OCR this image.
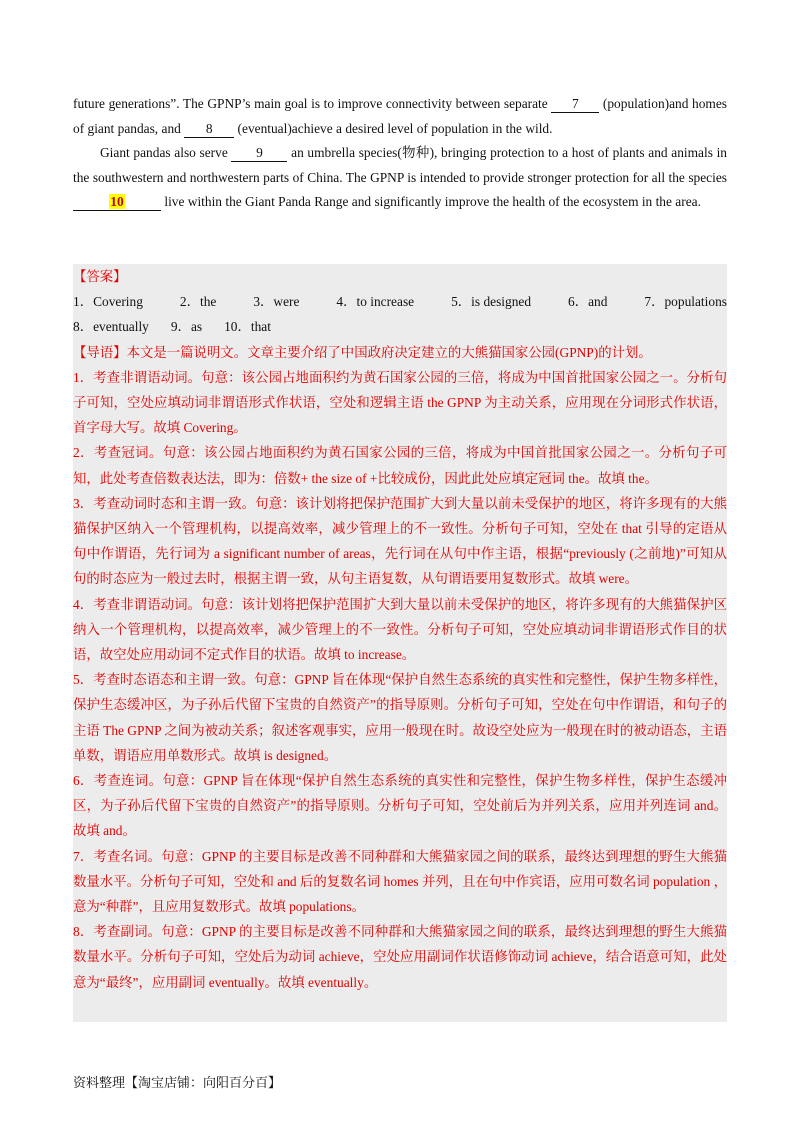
future generations”. The GPNP’s main goal is to improve connectivity between separate 7 (population)and homes of giant pandas, and 8 (eventual)achieve a desired level of population in the wild.

Giant pandas also serve 9 an umbrella species(物种), bringing protection to a host of plants and animals in the southwestern and northwestern parts of China. The GPNP is intended to provide stronger protection for all the species 10	live within the Giant Panda Range and significantly improve the health of the ecosystem in the area.

【答案】

1．Covering	2．the	3．were	4．to increase	5．is designed	6．and	7．populations
8．eventually 9．as 10．that

【导语】本文是一篇说明文。文章主要介绍了中国政府决定建立的大熊猫国家公园(GPNP)的计划。

1．考查非谓语动词。句意：该公园占地面积约为黄石国家公园的三倍，将成为中国首批国家公园之一。分析句子可知，空处应填动词非谓语形式作状语，空处和逻辑主语 the GPNP 为主动关系，应用现在分词形式作状语，首字母大写。故填 Covering。

2．考查冠词。句意：该公园占地面积约为黄石国家公园的三倍，将成为中国首批国家公园之一。分析句子可知，此处考查倍数表达法，即为：倍数+ the size of +比较成份，因此此处应填定冠词 the。故填 the。

3．考查动词时态和主谓一致。句意：该计划将把保护范围扩大到大量以前未受保护的地区，将许多现有的大熊猫保护区纳入一个管理机构，以提高效率，减少管理上的不一致性。分析句子可知，空处在 that 引导的定语从句中作谓语，先行词为 a significant number of areas，先行词在从句中作主语，根据“previously (之前地)”可知从句的时态应为一般过去时，根据主谓一致，从句主语复数，从句谓语要用复数形式。故填 were。

4．考查非谓语动词。句意：该计划将把保护范围扩大到大量以前未受保护的地区，将许多现有的大熊猫保护区纳入一个管理机构，以提高效率，减少管理上的不一致性。分析句子可知，空处应填动词非谓语形式作目的状语，故空处应用动词不定式作目的状语。故填 to increase。

5．考查时态语态和主谓一致。句意：GPNP 旨在体现“保护自然生态系统的真实性和完整性，保护生物多样性，保护生态缓冲区，为子孙后代留下宝贵的自然资产”的指导原则。分析句子可知，空处在句中作谓语，和句子的主语 The GPNP 之间为被动关系；叙述客观事实，应用一般现在时。故设空处应为一般现在时的被动语态，主语单数，谓语应用单数形式。故填 is designed。

6．考查连词。句意：GPNP 旨在体现“保护自然生态系统的真实性和完整性，保护生物多样性，保护生态缓冲区，为子孙后代留下宝贵的自然资产”的指导原则。分析句子可知，空处前后为并列关系，应用并列连词 and。故填 and。

7．考查名词。句意：GPNP 的主要目标是改善不同种群和大熊猫家园之间的联系，最终达到理想的野生大熊猫数量水平。分析句子可知，空处和 and 后的复数名词 homes 并列，且在句中作宾语，应用可数名词 population ，意为“种群”，且应用复数形式。故填 populations。

8．考查副词。句意：GPNP 的主要目标是改善不同种群和大熊猫家园之间的联系，最终达到理想的野生大熊猫数量水平。分析句子可知，空处后为动词 achieve，空处应用副词作状语修饰动词 achieve，结合语意可知，此处意为“最终”，应用副词 eventually。故填 eventually。

资料整理【淘宝店铺：向阳百分百】
